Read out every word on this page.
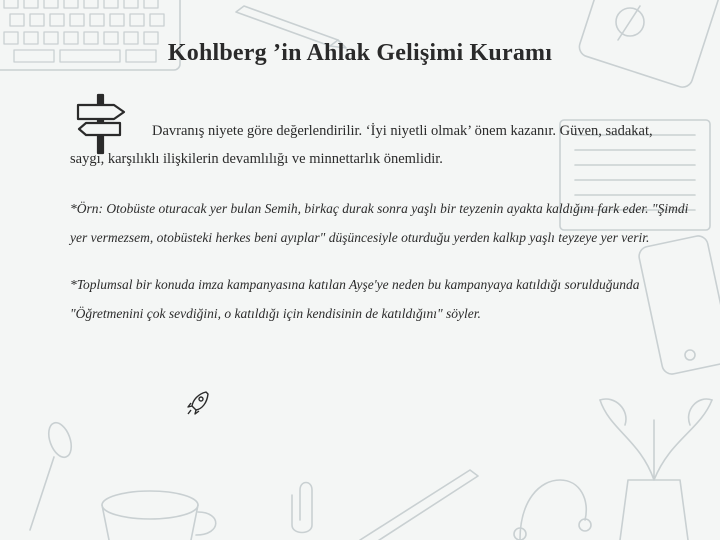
Kohlberg ’in Ahlak Gelişimi Kuramı

Davranış niyete göre değerlendirilir. ‘İyi niyetli olmak’ önem kazanır. Güven, sadakat, saygı, karşılıklı ilişkilerin devamlılığı ve minnettarlık önemlidir.

*Örn: Otobüste oturacak yer bulan Semih, birkaç durak sonra yaşlı bir teyzenin ayakta kaldığını fark eder. "Şimdi yer vermezsem, otobüsteki herkes beni ayıplar" düşüncesiyle oturduğu yerden kalkıp yaşlı teyzeye yer verir.

*Toplumsal bir konuda imza kampanyasına katılan Ayşe'ye neden bu kampanyaya katıldığı sorulduğunda "Öğretmenini çok sevdiğini, o katıldığı için kendisinin de katıldığını" söyler.
